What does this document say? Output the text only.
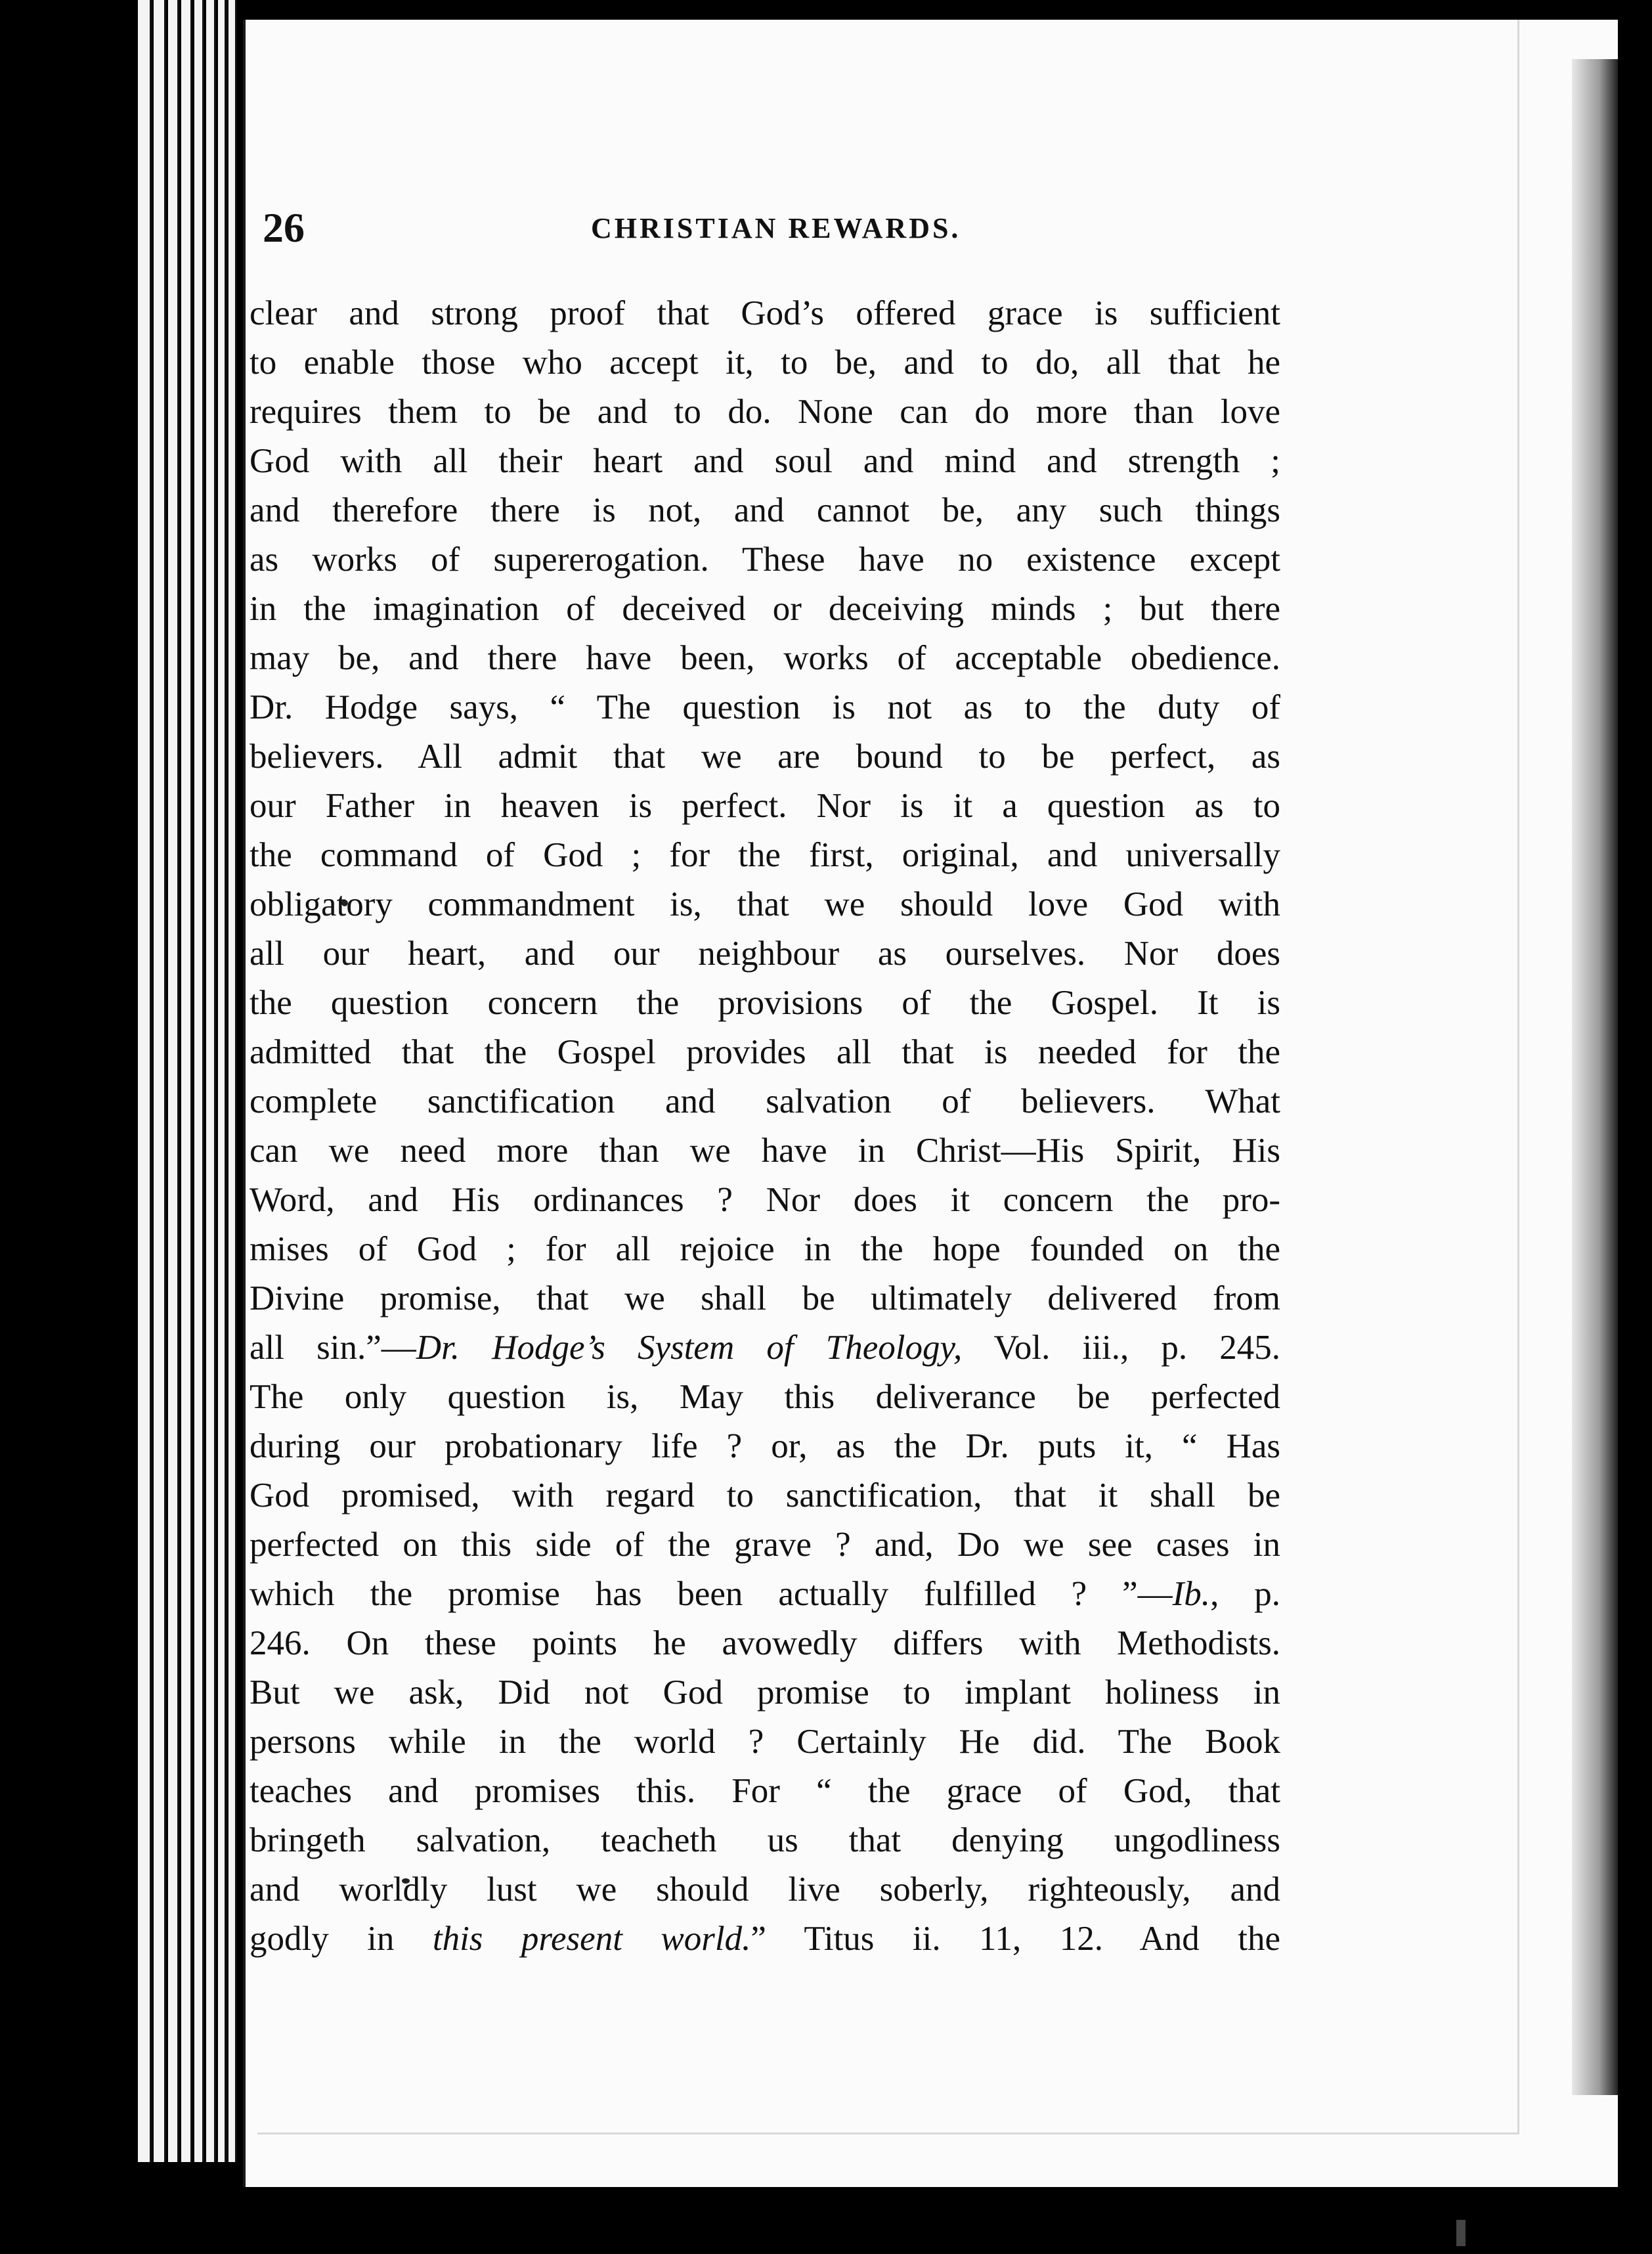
26	CHRISTIAN REWARDS.
clear and strong proof that God’s offered grace is sufficient
to enable those who accept it, to be, and to do, all that he
requires them to be and to do. None can do more than love
God with all their heart and soul and mind and strength ;
and therefore there is not, and cannot be, any such things
as works of supererogation. These have no existence except
in the imagination of deceived or deceiving minds ; but there
may be, and there have been, works of acceptable obedience.
Dr. Hodge says, “ The question is not as to the duty of
believers. All admit that we are bound to be perfect, as
our Father in heaven is perfect. Nor is it a question as to
the command of God ; for the first, original, and universally
obligatory commandment is, that we should love God with
all our heart, and our neighbour as ourselves. Nor does
the question concern the provisions of the Gospel. It is
admitted that the Gospel provides all that is needed for the
complete sanctification and salvation of believers. What
can we need more than we have in Christ—His Spirit, His
Word, and His ordinances ? Nor does it concern the pro-
mises of God ; for all rejoice in the hope founded on the
Divine promise, that we shall be ultimately delivered from
all sin.”—Dr. Hodge’s System of Theology, Vol. iii., p. 245.
The only question is, May this deliverance be perfected
during our probationary life ? or, as the Dr. puts it, “ Has
God promised, with regard to sanctification, that it shall be
perfected on this side of the grave ? and, Do we see cases in
which the promise has been actually fulfilled ? ”—Ib., p.
246. On these points he avowedly differs with Methodists.
But we ask, Did not God promise to implant holiness in
persons while in the world ? Certainly He did. The Book
teaches and promises this. For “ the grace of God, that
bringeth salvation, teacheth us that denying ungodliness
and worldly lust we should live soberly, righteously, and
godly in this present world.” Titus ii. 11, 12. And the
